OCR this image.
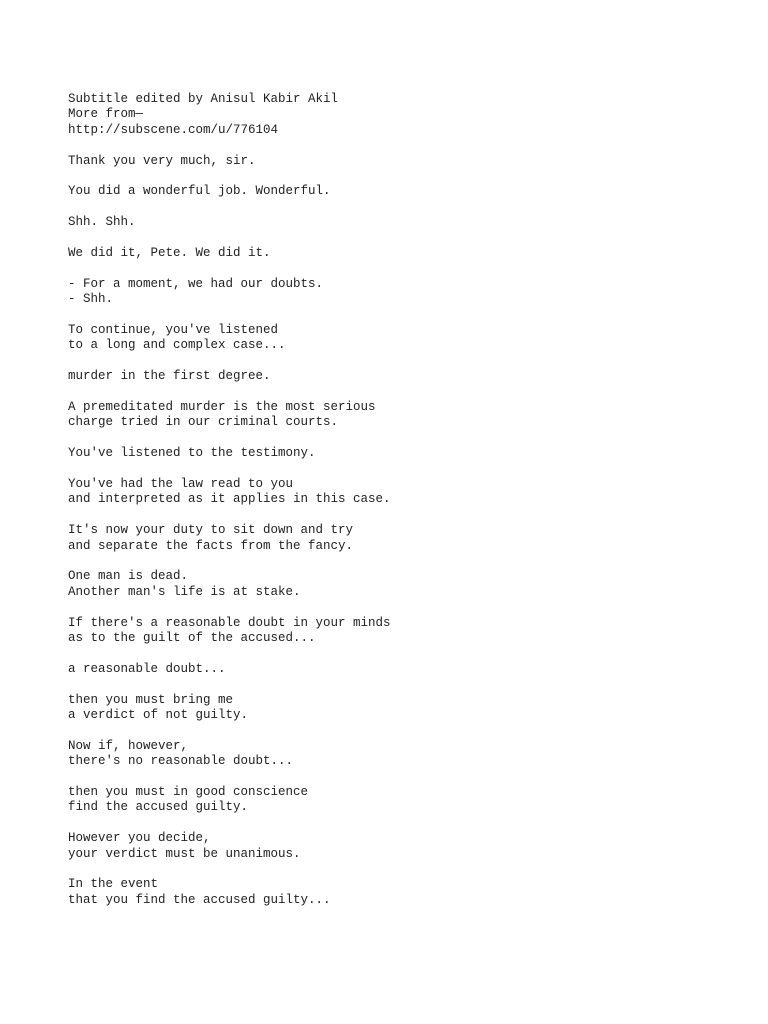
Subtitle edited by Anisul Kabir Akil
More from—
http://subscene.com/u/776104
Thank you very much, sir.
You did a wonderful job. Wonderful.
Shh. Shh.
We did it, Pete. We did it.
- For a moment, we had our doubts.
- Shh.
To continue, you've listened
to a long and complex case...
murder in the first degree.
A premeditated murder is the most serious
charge tried in our criminal courts.
You've listened to the testimony.
You've had the law read to you
and interpreted as it applies in this case.
It's now your duty to sit down and try
and separate the facts from the fancy.
One man is dead.
Another man's life is at stake.
If there's a reasonable doubt in your minds
as to the guilt of the accused...
a reasonable doubt...
then you must bring me
a verdict of not guilty.
Now if, however,
there's no reasonable doubt...
then you must in good conscience
find the accused guilty.
However you decide,
your verdict must be unanimous.
In the event
that you find the accused guilty...
